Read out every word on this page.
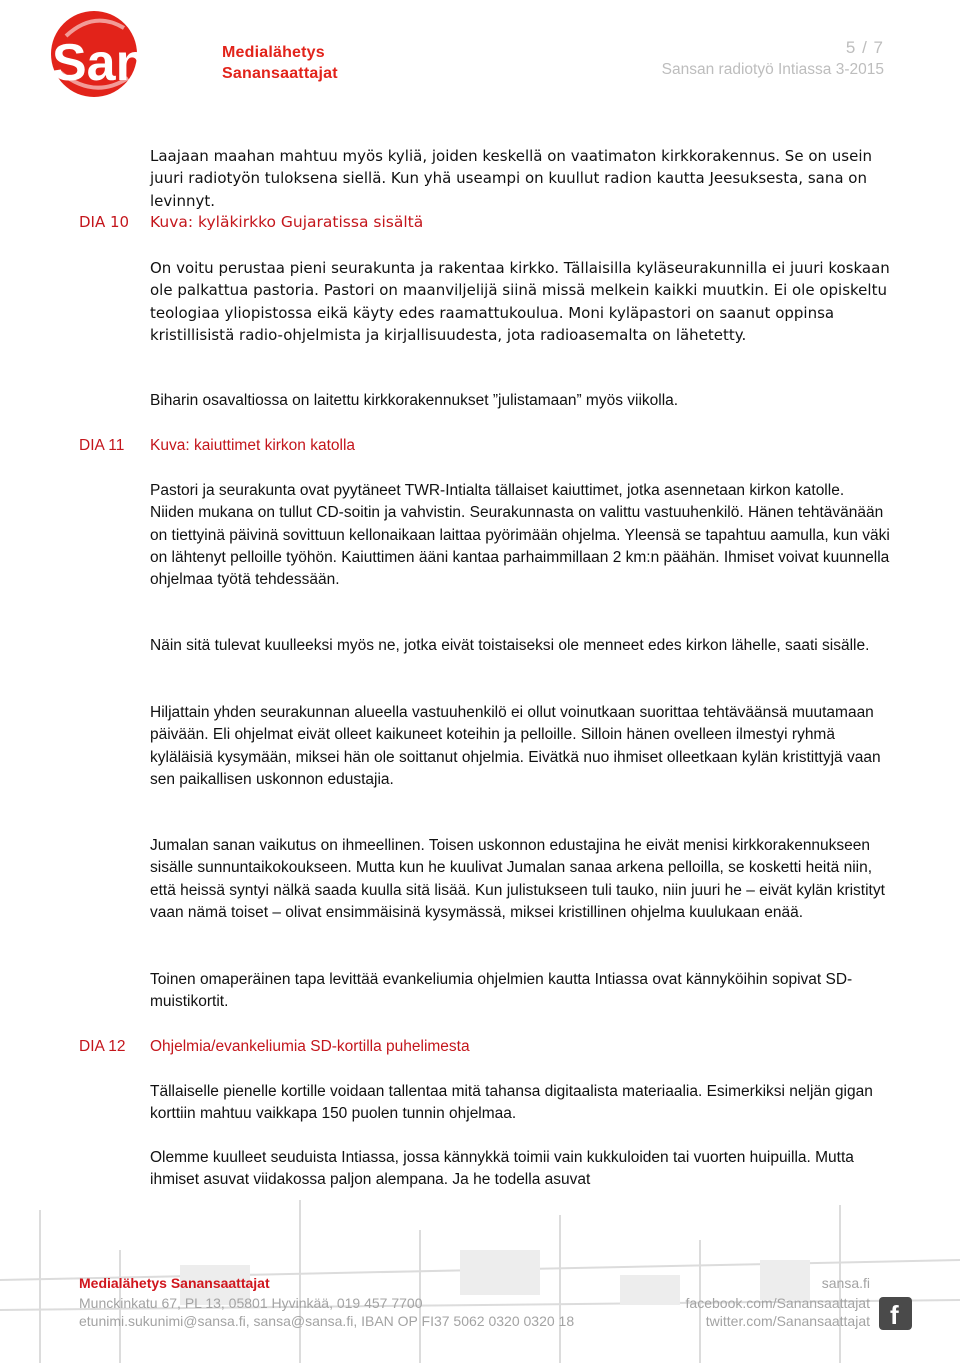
Sansa Medialähetys
Sanansaattajat
5 / 7
Sansan radiotyö Intiassa 3-2015

Laajaan maahan mahtuu myös kyliä, joiden keskellä on vaatimaton kirkkorakennus. Se on usein juuri radiotyön tuloksena siellä. Kun yhä useampi on kuullut radion kautta Jeesuksesta, sana on levinnyt.

DIA 10 Kuva: kyläkirkko Gujaratissa sisältä

On voitu perustaa pieni seurakunta ja rakentaa kirkko. Tällaisilla kyläseurakunnilla ei juuri koskaan ole palkattua pastoria. Pastori on maanviljelijä siinä missä melkein kaikki muutkin. Ei ole opiskeltu teologiaa yliopistossa eikä käyty edes raamattukoulua. Moni kyläpastori on saanut oppinsa kristillisistä radio-ohjelmista ja kirjallisuudesta, jota radioasemalta on lähetetty.

Biharin osavaltiossa on laitettu kirkkorakennukset ”julistamaan” myös viikolla.

DIA 11 Kuva: kaiuttimet kirkon katolla

Pastori ja seurakunta ovat pyytäneet TWR-Intialta tällaiset kaiuttimet, jotka asennetaan kirkon katolle. Niiden mukana on tullut CD-soitin ja vahvistin. Seurakunnasta on valittu vastuuhenkilö. Hänen tehtävänään on tiettyinä päivinä sovittuun kellonaikaan laittaa pyörimään ohjelma. Yleensä se tapahtuu aamulla, kun väki on lähtenyt pelloille työhön. Kaiuttimen ääni kantaa parhaimmillaan 2 km:n päähän. Ihmiset voivat kuunnella ohjelmaa työtä tehdessään.

Näin sitä tulevat kuulleeksi myös ne, jotka eivät toistaiseksi ole menneet edes kirkon lähelle, saati sisälle.

Hiljattain yhden seurakunnan alueella vastuuhenkilö ei ollut voinutkaan suorittaa tehtäväänsä muutamaan päivään. Eli ohjelmat eivät olleet kaikuneet koteihin ja pelloille. Silloin hänen ovelleen ilmestyi ryhmä kyläläisiä kysymään, miksei hän ole soittanut ohjelmia. Eivätkä nuo ihmiset olleetkaan kylän kristittyjä vaan sen paikallisen uskonnon edustajia.

Jumalan sanan vaikutus on ihmeellinen. Toisen uskonnon edustajina he eivät menisi kirkkorakennukseen sisälle sunnuntaikokoukseen. Mutta kun he kuulivat Jumalan sanaa arkena pelloilla, se kosketti heitä niin, että heissä syntyi nälkä saada kuulla sitä lisää. Kun julistukseen tuli tauko, niin juuri he – eivät kylän kristityt vaan nämä toiset – olivat ensimmäisinä kysymässä, miksei kristillinen ohjelma kuulukaan enää.

Toinen omaperäinen tapa levittää evankeliumia ohjelmien kautta Intiassa ovat kännyköihin sopivat SD-muistikortit.

DIA 12 Ohjelmia/evankeliumia SD-kortilla puhelimesta

Tällaiselle pienelle kortille voidaan tallentaa mitä tahansa digitaalista materiaalia. Esimerkiksi neljän gigan korttiin mahtuu vaikkapa 150 puolen tunnin ohjelmaa.

Olemme kuulleet seuduista Intiassa, jossa kännykkä toimii vain kukkuloiden tai vuorten huipuilla. Mutta ihmiset asuvat viidakossa paljon alempana. Ja he todella asuvat

Medialähetys Sanansaattajat
Munckinkatu 67, PL 13, 05801 Hyvinkää, 019 457 7700
etunimi.sukunimi@sansa.fi, sansa@sansa.fi, IBAN OP FI37 5062 0320 0320 18
sansa.fi
facebook.com/Sanansaattajat
twitter.com/Sanansaattajat f
